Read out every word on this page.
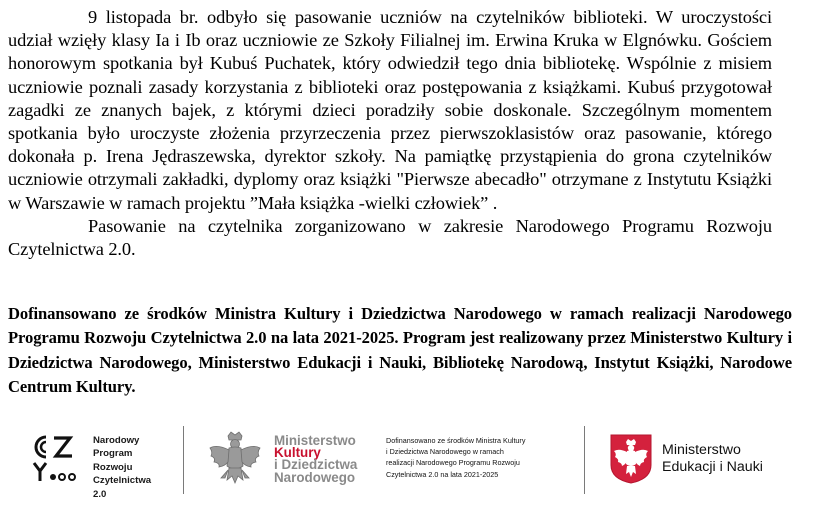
9 listopada br. odbyło się pasowanie uczniów na czytelników biblioteki. W uroczystości udział wzięły klasy Ia i Ib oraz uczniowie ze Szkoły Filialnej im. Erwina Kruka w Elgnówku. Gościem honorowym spotkania był Kubuś Puchatek, który odwiedził tego dnia bibliotekę. Wspólnie z misiem uczniowie poznali zasady korzystania z biblioteki oraz postępowania z książkami. Kubuś przygotował zagadki ze znanych bajek, z którymi dzieci poradziły sobie doskonale. Szczególnym momentem spotkania było uroczyste złożenia przyrzeczenia przez pierwszoklasistów oraz pasowanie, którego dokonała p. Irena Jędraszewska, dyrektor szkoły. Na pamiątkę przystąpienia do grona czytelników uczniowie otrzymali zakładki, dyplomy oraz książki "Pierwsze abecadło" otrzymane z Instytutu Książki w Warszawie w ramach projektu ”Mała książka -wielki człowiek” .

Pasowanie na czytelnika zorganizowano w zakresie Narodowego Programu Rozwoju Czytelnictwa 2.0.

Dofinansowano ze środków Ministra Kultury i Dziedzictwa Narodowego w ramach realizacji Narodowego Programu Rozwoju Czytelnictwa 2.0 na lata 2021-2025. Program jest realizowany przez Ministerstwo Kultury i Dziedzictwa Narodowego, Ministerstwo Edukacji i Nauki, Bibliotekę Narodową, Instytut Książki, Narodowe Centrum Kultury.
Narodowy
Program
Rozwoju
Czytelnictwa
2.0
Ministerstwo
Kultury
i Dziedzictwa
Narodowego
Dofinansowano ze środków Ministra Kultury
i Dziedzictwa Narodowego w ramach
realizacji Narodowego Programu Rozwoju
Czytelnictwa 2.0 na lata 2021-2025
Ministerstwo
Edukacji i Nauki
